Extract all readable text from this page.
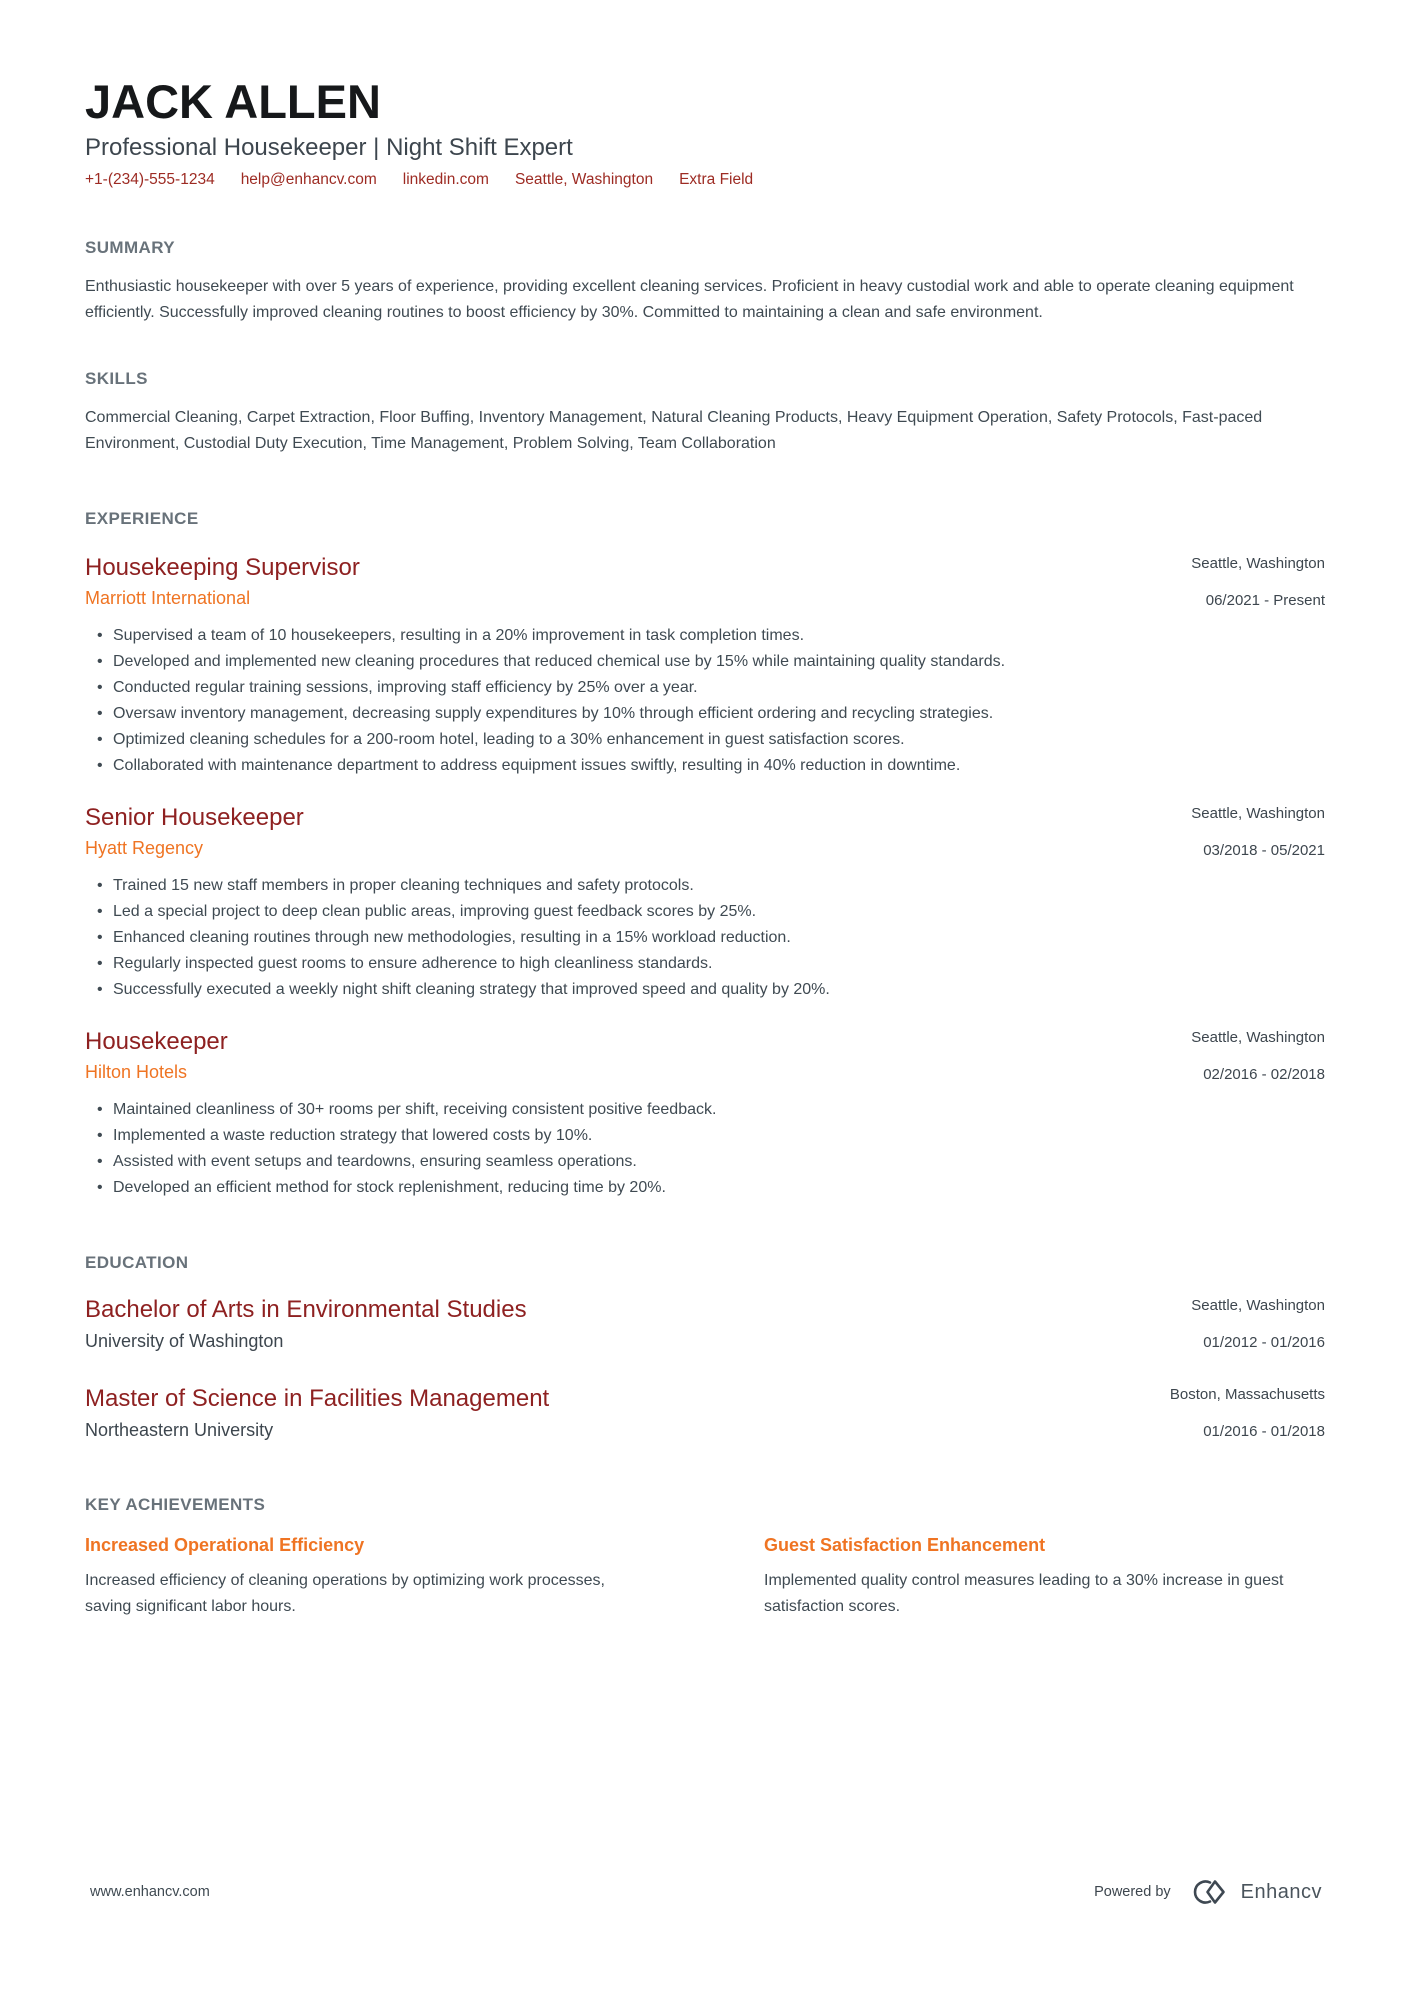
JACK ALLEN
Professional Housekeeper | Night Shift Expert
+1-(234)-555-1234 help@enhancv.com linkedin.com Seattle, Washington Extra Field
SUMMARY
Enthusiastic housekeeper with over 5 years of experience, providing excellent cleaning services. Proficient in heavy custodial work and able to operate cleaning equipment efficiently. Successfully improved cleaning routines to boost efficiency by 30%. Committed to maintaining a clean and safe environment.
SKILLS
Commercial Cleaning, Carpet Extraction, Floor Buffing, Inventory Management, Natural Cleaning Products, Heavy Equipment Operation, Safety Protocols, Fast-paced Environment, Custodial Duty Execution, Time Management, Problem Solving, Team Collaboration
EXPERIENCE
Housekeeping Supervisor
Marriott International
Seattle, Washington
06/2021 - Present
• Supervised a team of 10 housekeepers, resulting in a 20% improvement in task completion times.
• Developed and implemented new cleaning procedures that reduced chemical use by 15% while maintaining quality standards.
• Conducted regular training sessions, improving staff efficiency by 25% over a year.
• Oversaw inventory management, decreasing supply expenditures by 10% through efficient ordering and recycling strategies.
• Optimized cleaning schedules for a 200-room hotel, leading to a 30% enhancement in guest satisfaction scores.
• Collaborated with maintenance department to address equipment issues swiftly, resulting in 40% reduction in downtime.
Senior Housekeeper
Hyatt Regency
Seattle, Washington
03/2018 - 05/2021
• Trained 15 new staff members in proper cleaning techniques and safety protocols.
• Led a special project to deep clean public areas, improving guest feedback scores by 25%.
• Enhanced cleaning routines through new methodologies, resulting in a 15% workload reduction.
• Regularly inspected guest rooms to ensure adherence to high cleanliness standards.
• Successfully executed a weekly night shift cleaning strategy that improved speed and quality by 20%.
Housekeeper
Hilton Hotels
Seattle, Washington
02/2016 - 02/2018
• Maintained cleanliness of 30+ rooms per shift, receiving consistent positive feedback.
• Implemented a waste reduction strategy that lowered costs by 10%.
• Assisted with event setups and teardowns, ensuring seamless operations.
• Developed an efficient method for stock replenishment, reducing time by 20%.
EDUCATION
Bachelor of Arts in Environmental Studies
University of Washington
Seattle, Washington
01/2012 - 01/2016
Master of Science in Facilities Management
Northeastern University
Boston, Massachusetts
01/2016 - 01/2018
KEY ACHIEVEMENTS
Increased Operational Efficiency
Increased efficiency of cleaning operations by optimizing work processes, saving significant labor hours.
Guest Satisfaction Enhancement
Implemented quality control measures leading to a 30% increase in guest satisfaction scores.
www.enhancv.com	Powered by	Enhancv
